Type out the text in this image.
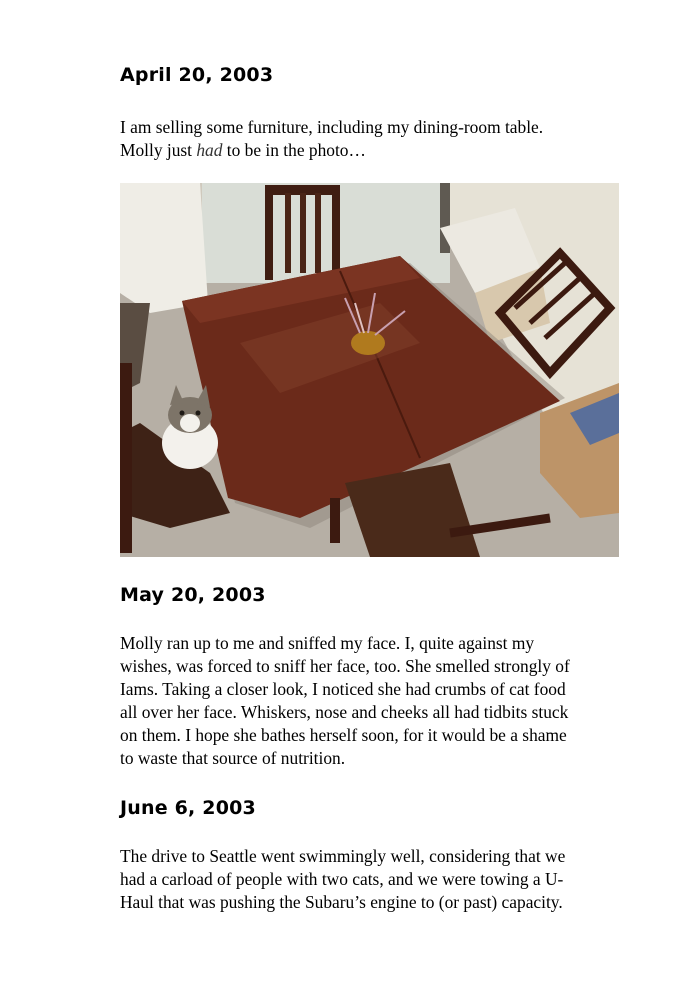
April 20, 2003

I am selling some furniture, including my dining-room table.
Molly just had to be in the photo…

May 20, 2003

Molly ran up to me and sniffed my face. I, quite against my
wishes, was forced to sniff her face, too. She smelled strongly of
Iams. Taking a closer look, I noticed she had crumbs of cat food
all over her face. Whiskers, nose and cheeks all had tidbits stuck
on them. I hope she bathes herself soon, for it would be a shame
to waste that source of nutrition.

June 6, 2003

The drive to Seattle went swimmingly well, considering that we
had a carload of people with two cats, and we were towing a U-
Haul that was pushing the Subaru’s engine to (or past) capacity.
